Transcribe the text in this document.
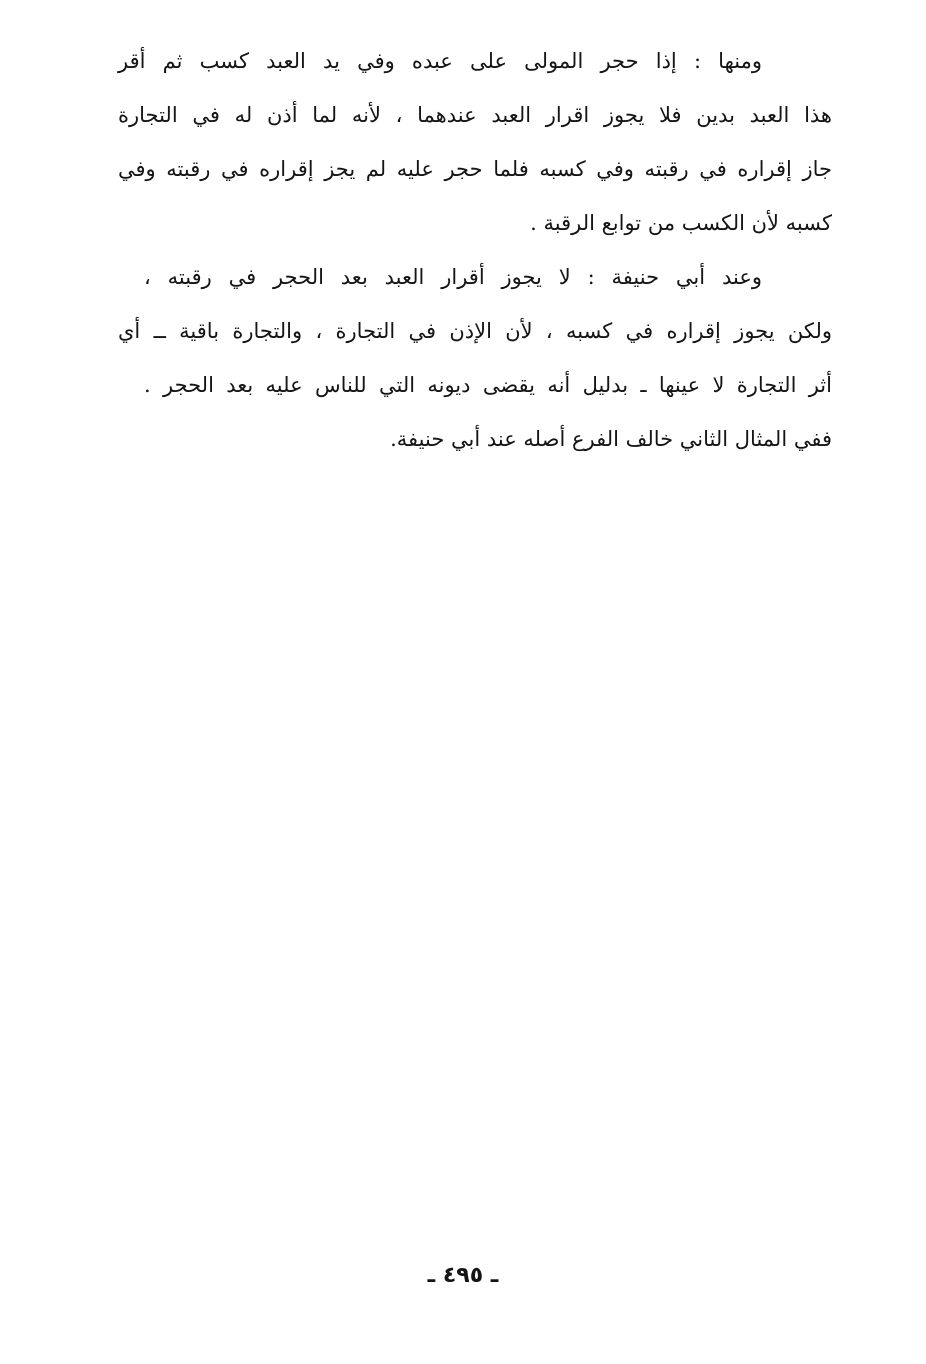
ومنها : إذا حجر المولى على عبده وفي يد العبد كسب ثم أقر
هذا العبد بدين فلا يجوز اقرار العبد عندهما ، لأنه لما أذن له في التجارة
جاز إقراره في رقبته وفي كسبه فلما حجر عليه لم يجز إقراره في رقبته وفي
كسبه لأن الكسب من توابع الرقبة .
وعند أبي حنيفة : لا يجوز أقرار العبد بعد الحجر في رقبته ،
ولكن يجوز إقراره في كسبه ، لأن الإذن في التجارة ، والتجارة باقية ــ أي
أثر التجارة لا عينها ـ بدليل أنه يقضى ديونه التي للناس عليه بعد الحجر .
ففي المثال الثاني خالف الفرع أصله عند أبي حنيفة.
ـ ٤٩٥ ـ
